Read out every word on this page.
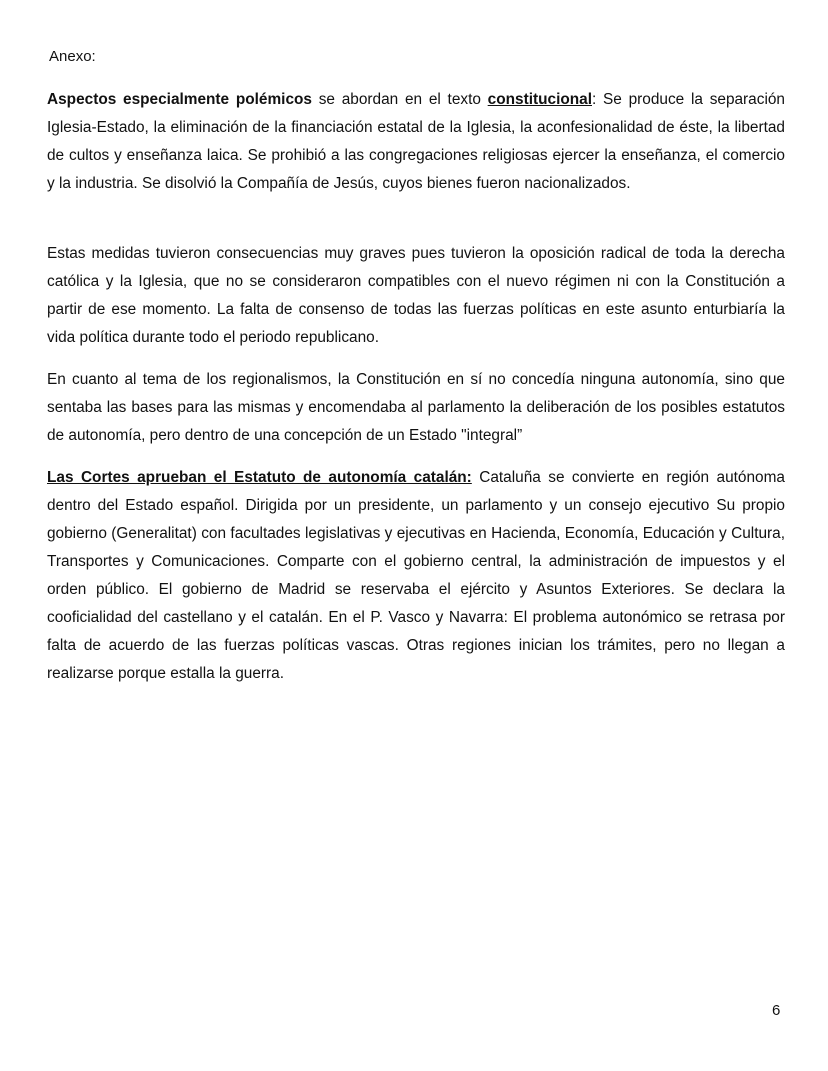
Anexo:

Aspectos especialmente polémicos se abordan en el texto constitucional: Se produce la separación Iglesia-Estado, la eliminación de la financiación estatal de la Iglesia, la aconfesionalidad de éste, la libertad de cultos y enseñanza laica. Se prohibió a las congregaciones religiosas ejercer la enseñanza, el comercio y la industria. Se disolvió la Compañía de Jesús, cuyos bienes fueron nacionalizados.

Estas medidas tuvieron consecuencias muy graves pues tuvieron la oposición radical de toda la derecha católica y la Iglesia, que no se consideraron compatibles con el nuevo régimen ni con la Constitución a partir de ese momento. La falta de consenso de todas las fuerzas políticas en este asunto enturbiaría la vida política durante todo el periodo republicano.

En cuanto al tema de los regionalismos, la Constitución en sí no concedía ninguna autonomía, sino que sentaba las bases para las mismas y encomendaba al parlamento la deliberación de los posibles estatutos de autonomía, pero dentro de una concepción de un Estado "integral”

Las Cortes aprueban el Estatuto de autonomía catalán: Cataluña se convierte en región autónoma dentro del Estado español. Dirigida por un presidente, un parlamento y un consejo ejecutivo Su propio gobierno (Generalitat) con facultades legislativas y ejecutivas en Hacienda, Economía, Educación y Cultura, Transportes y Comunicaciones. Comparte con el gobierno central, la administración de impuestos y el orden público. El gobierno de Madrid se reservaba el ejército y Asuntos Exteriores. Se declara la cooficialidad del castellano y el catalán. En el P. Vasco y Navarra: El problema autonómico se retrasa por falta de acuerdo de las fuerzas políticas vascas. Otras regiones inician los trámites, pero no llegan a realizarse porque estalla la guerra.

6
